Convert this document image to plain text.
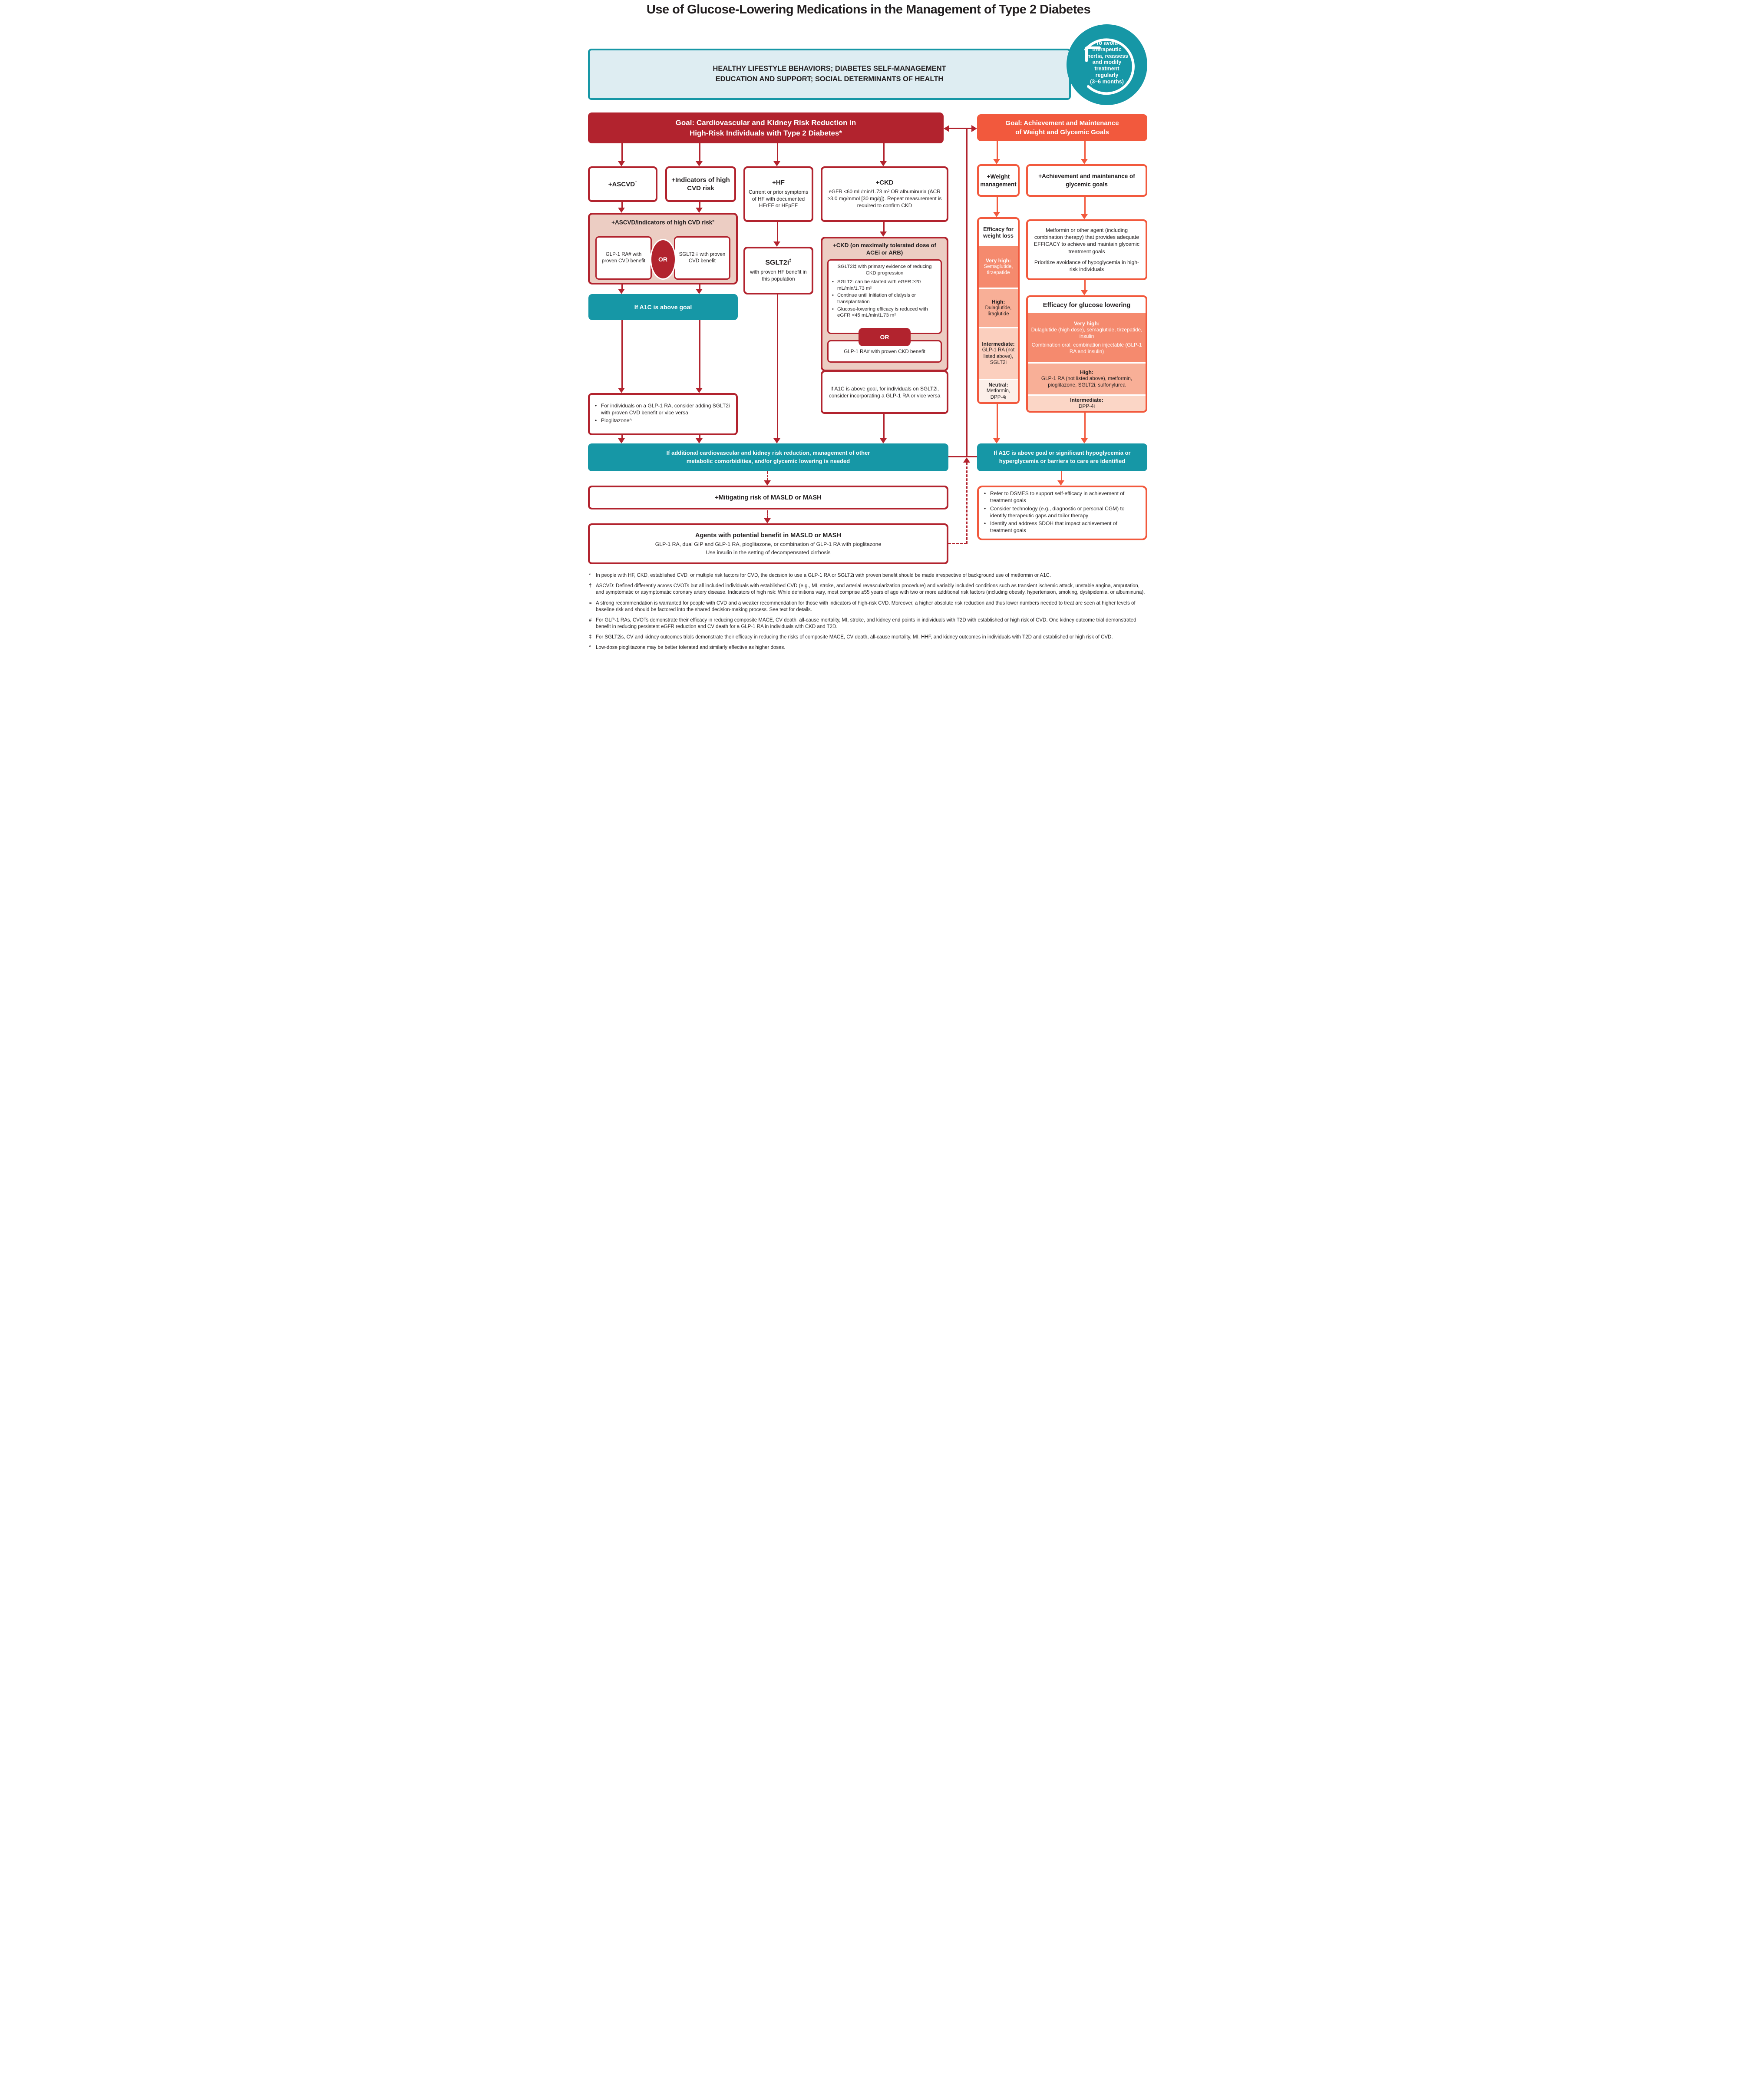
Use of Glucose-Lowering Medications in the Management of Type 2 Diabetes
HEALTHY LIFESTYLE BEHAVIORS; DIABETES SELF-MANAGEMENT
EDUCATION AND SUPPORT; SOCIAL DETERMINANTS OF HEALTH
To avoid
therapeutic
inertia, reassess
and modify
treatment
regularly
(3–6 months)
Goal: Cardiovascular and Kidney Risk Reduction in
High-Risk Individuals with Type 2 Diabetes*
Goal: Achievement and Maintenance
of Weight and Glycemic Goals
+ASCVD†	+Indicators of high CVD risk
+HF
Current or prior symptoms of HF with documented HFrEF or HFpEF
+CKD
eGFR <60 mL/min/1.73 m² OR albuminuria (ACR ≥3.0 mg/mmol [30 mg/g]). Repeat measurement is required to confirm CKD
+ASCVD/indicators of high CVD risk≈
GLP-1 RA# with proven CVD benefit	OR
SGLT2i‡ with proven CVD benefit	SGLT2i‡
with proven HF benefit in this population
+CKD (on maximally tolerated dose of ACEi or ARB)
SGLT2i‡ with primary evidence of reducing CKD progression
• SGLT2i can be started with eGFR ≥20 mL/min/1.73 m²
• Continue until initiation of dialysis or transplantation
• Glucose-lowering efficacy is reduced with eGFR <45 mL/min/1.73 m²
OR
GLP-1 RA# with proven CKD benefit
If A1C is above goal, for individuals on SGLT2i, consider incorporating a GLP-1 RA or vice versa
If A1C is above goal
• For individuals on a GLP-1 RA, consider adding SGLT2i with proven CVD benefit or vice versa
• Pioglitazone^
If additional cardiovascular and kidney risk reduction, management of other
metabolic comorbidities, and/or glycemic lowering is needed
+Mitigating risk of MASLD or MASH
Agents with potential benefit in MASLD or MASH
GLP-1 RA, dual GIP and GLP-1 RA, pioglitazone, or combination of GLP-1 RA with pioglitazone
Use insulin in the setting of decompensated cirrhosis
+Weight management
+Achievement and maintenance of glycemic goals
Efficacy for weight loss
Very high:
Semaglutide, tirzepatide
High:
Dulaglutide, liraglutide
Intermediate:
GLP-1 RA (not listed above), SGLT2i
Neutral:
Metformin, DPP-4i
Metformin or other agent (including combination therapy) that provides adequate EFFICACY to achieve and maintain glycemic treatment goals
Prioritize avoidance of hypoglycemia in high-risk individuals
Efficacy for glucose lowering
Very high:
Dulaglutide (high dose), semaglutide, tirzepatide, insulin
Combination oral, combination injectable (GLP-1 RA and insulin)
High:
GLP-1 RA (not listed above), metformin, pioglitazone, SGLT2i, sulfonylurea
Intermediate:
DPP-4i
If A1C is above goal or significant hypoglycemia or
hyperglycemia or barriers to care are identified
• Refer to DSMES to support self-efficacy in achievement of treatment goals
• Consider technology (e.g., diagnostic or personal CGM) to identify therapeutic gaps and tailor therapy
• Identify and address SDOH that impact achievement of treatment goals
*	In people with HF, CKD, established CVD, or multiple risk factors for CVD, the decision to use a GLP-1 RA or SGLT2i with proven benefit should be made irrespective of background use of metformin or A1C.
† ASCVD: Defined differently across CVOTs but all included individuals with established CVD (e.g., MI, stroke, and arterial revascularization procedure) and variably included conditions such as transient ischemic attack, unstable angina, amputation, and symptomatic or asymptomatic coronary artery disease. Indicators of high risk: While definitions vary, most comprise ≥55 years of age with two or more additional risk factors (including obesity, hypertension, smoking, dyslipidemia, or albuminuria).
≈ A strong recommendation is warranted for people with CVD and a weaker recommendation for those with indicators of high-risk CVD. Moreover, a higher absolute risk reduction and thus lower numbers needed to treat are seen at higher levels of baseline risk and should be factored into the shared decision-making process. See text for details.
# For GLP-1 RAs, CVOTs demonstrate their efficacy in reducing composite MACE, CV death, all-cause mortality, MI, stroke, and kidney end points in individuals with T2D with established or high risk of CVD. One kidney outcome trial demonstrated benefit in reducing persistent eGFR reduction and CV death for a GLP-1 RA in individuals with CKD and T2D.
‡ For SGLT2is, CV and kidney outcomes trials demonstrate their efficacy in reducing the risks of composite MACE, CV death, all-cause mortality, MI, HHF, and kidney outcomes in individuals with T2D and established or high risk of CVD.
^ Low-dose pioglitazone may be better tolerated and similarly effective as higher doses.
